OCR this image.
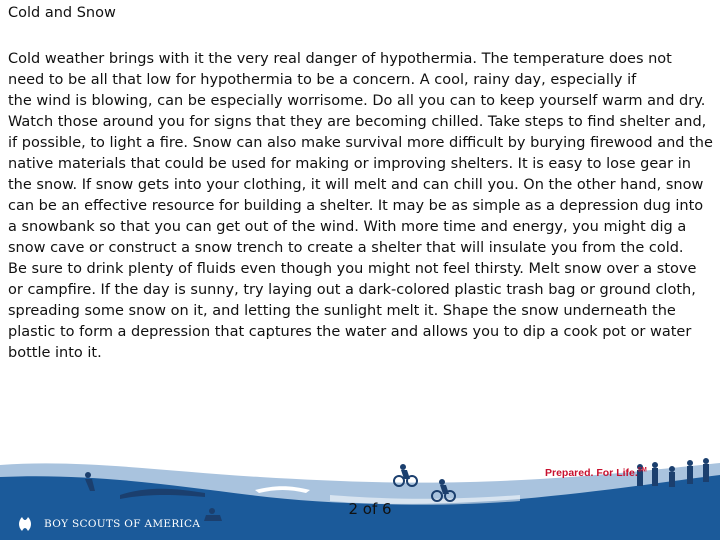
Cold and Snow
Cold weather brings with it the very real danger of hypothermia. The temperature does not
need to be all that low for hypothermia to be a concern. A cool, rainy day, especially if
the wind is blowing, can be especially worrisome. Do all you can to keep yourself warm and dry.
Watch those around you for signs that they are becoming chilled. Take steps to find shelter and,
if possible, to light a fire. Snow can also make survival more difficult by burying firewood and the
native materials that could be used for making or improving shelters. It is easy to lose gear in
the snow. If snow gets into your clothing, it will melt and can chill you. On the other hand, snow
can be an effective resource for building a shelter. It may be as simple as a depression dug into
a snowbank so that you can get out of the wind. With more time and energy, you might dig a
snow cave or construct a snow trench to create a shelter that will insulate you from the cold.
Be sure to drink plenty of fluids even though you might not feel thirsty. Melt snow over a stove
or campfire. If the day is sunny, try laying out a dark-colored plastic trash bag or ground cloth,
spreading some snow on it, and letting the sunlight melt it. Shape the snow underneath the
plastic to form a depression that captures the water and allows you to dip a cook pot or water
bottle into it.
BOY SCOUTS OF AMERICA
Prepared. For Life.℠
2 of 6
